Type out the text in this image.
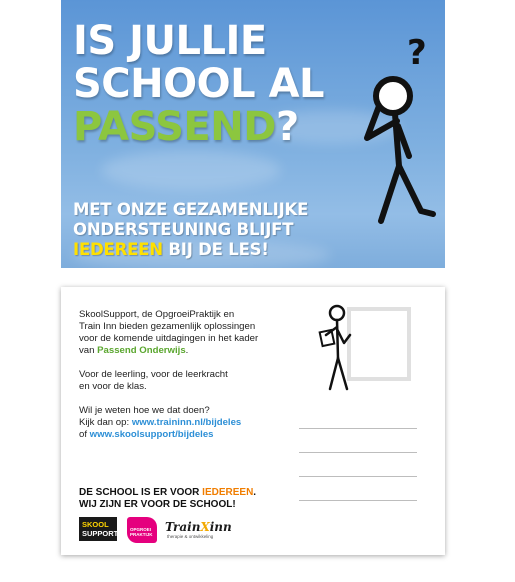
IS JULLIE
SCHOOL AL
PASSEND?

MET ONZE GEZAMENLIJKE
ONDERSTEUNING BLIJFT
IEDEREEN BIJ DE LES!

?

SkoolSupport, de OpgroeiPraktijk en
Train Inn bieden gezamenlijk oplossingen
voor de komende uitdagingen in het kader
van Passend Onderwijs.

Voor de leerling, voor de leerkracht
en voor de klas.

Wil je weten hoe we dat doen?
Kijk dan op: www.traininn.nl/bijdeles
of www.skoolsupport/bijdeles

DE SCHOOL IS ER VOOR IEDEREEN.
WIJ ZIJN ER VOOR DE SCHOOL!

SKOOL
SUPPORT	OPGROEI PRAKTIJK
TrainXinn
therapie & ontwikkeling
